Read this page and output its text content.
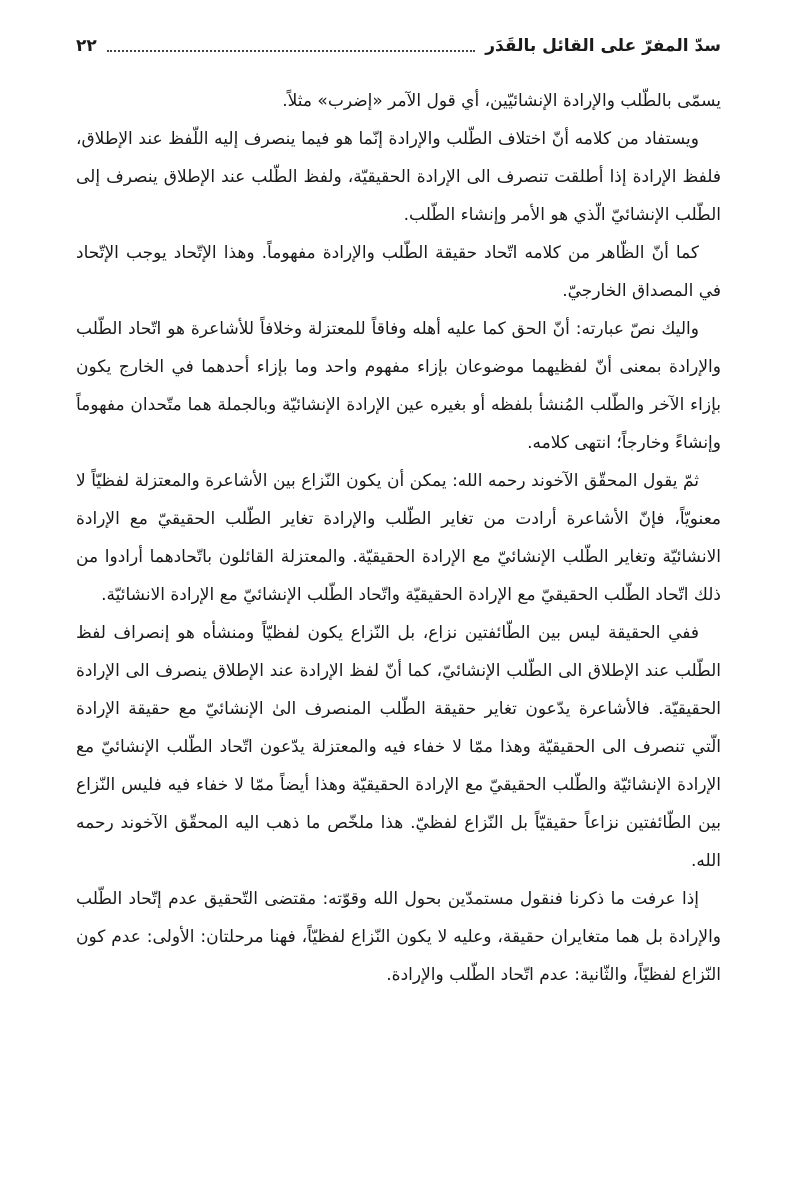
سدّ المفرّ على القائل بالقَدَر
٢٢

يسمّى بالطّلب والإرادة الإنشائيّين، أي قول الآمر «إضرب» مثلاً.

ويستفاد من كلامه أنّ اختلاف الطّلب والإرادة إنّما هو فيما ينصرف إليه اللّفظ عند الإطلاق، فلفظ الإرادة إذا أطلقت تنصرف الى الإرادة الحقيقيّة، ولفظ الطّلب عند الإطلاق ينصرف إلى الطّلب الإنشائيّ الّذي هو الأمر وإنشاء الطّلب.

كما أنّ الظّاهر من كلامه اتّحاد حقيقة الطّلب والإرادة مفهوماً. وهذا الإتّحاد يوجب الإتّحاد في المصداق الخارجيّ.

واليك نصّ عبارته: أنّ الحق كما عليه أهله وفاقاً للمعتزلة وخلافاً للأشاعرة هو اتّحاد الطّلب والإرادة بمعنى أنّ لفظيهما موضوعان بإزاء مفهوم واحد وما بإزاء أحدهما في الخارج يكون بإزاء الآخر والطّلب المُنشأ بلفظه أو بغيره عين الإرادة الإنشائيّة وبالجملة هما متّحدان مفهوماً وإنشاءً وخارجاً؛ انتهى كلامه.

ثمّ يقول المحقّق الآخوند رحمه الله: يمكن أن يكون النّزاع بين الأشاعرة والمعتزلة لفظيّاً لا معنويّاً، فإنّ الأشاعرة أرادت من تغاير الطّلب والإرادة تغاير الطّلب الحقيقيّ مع الإرادة الانشائيّة وتغاير الطّلب الإنشائيّ مع الإرادة الحقيقيّة. والمعتزلة القائلون باتّحادهما أرادوا من ذلك اتّحاد الطّلب الحقيقيّ مع الإرادة الحقيقيّة واتّحاد الطّلب الإنشائيّ مع الإرادة الانشائيّة.

ففي الحقيقة ليس بين الطّائفتين نزاع، بل النّزاع يكون لفظيّاً ومنشأه هو إنصراف لفظ الطّلب عند الإطلاق الى الطّلب الإنشائيّ، كما أنّ لفظ الإرادة عند الإطلاق ينصرف الى الإرادة الحقيقيّة. فالأشاعرة يدّعون تغاير حقيقة الطّلب المنصرف الىٰ الإنشائيّ مع حقيقة الإرادة الّتي تنصرف الى الحقيقيّة وهذا ممّا لا خفاء فيه والمعتزلة يدّعون اتّحاد الطّلب الإنشائيّ مع الإرادة الإنشائيّة والطّلب الحقيقيّ مع الإرادة الحقيقيّة وهذا أيضاً ممّا لا خفاء فيه فليس النّزاع بين الطّائفتين نزاعاً حقيقيّاً بل النّزاع لفظيّ. هذا ملخّص ما ذهب اليه المحقّق الآخوند رحمه الله.

إذا عرفت ما ذكرنا فنقول مستمدّين بحول الله وقوّته: مقتضى التّحقيق عدم إتّحاد الطّلب والإرادة بل هما متغايران حقيقة، وعليه لا يكون النّزاع لفظيّاً، فهنا مرحلتان: الأولى: عدم كون النّزاع لفظيّاً، والثّانية: عدم اتّحاد الطّلب والإرادة.
